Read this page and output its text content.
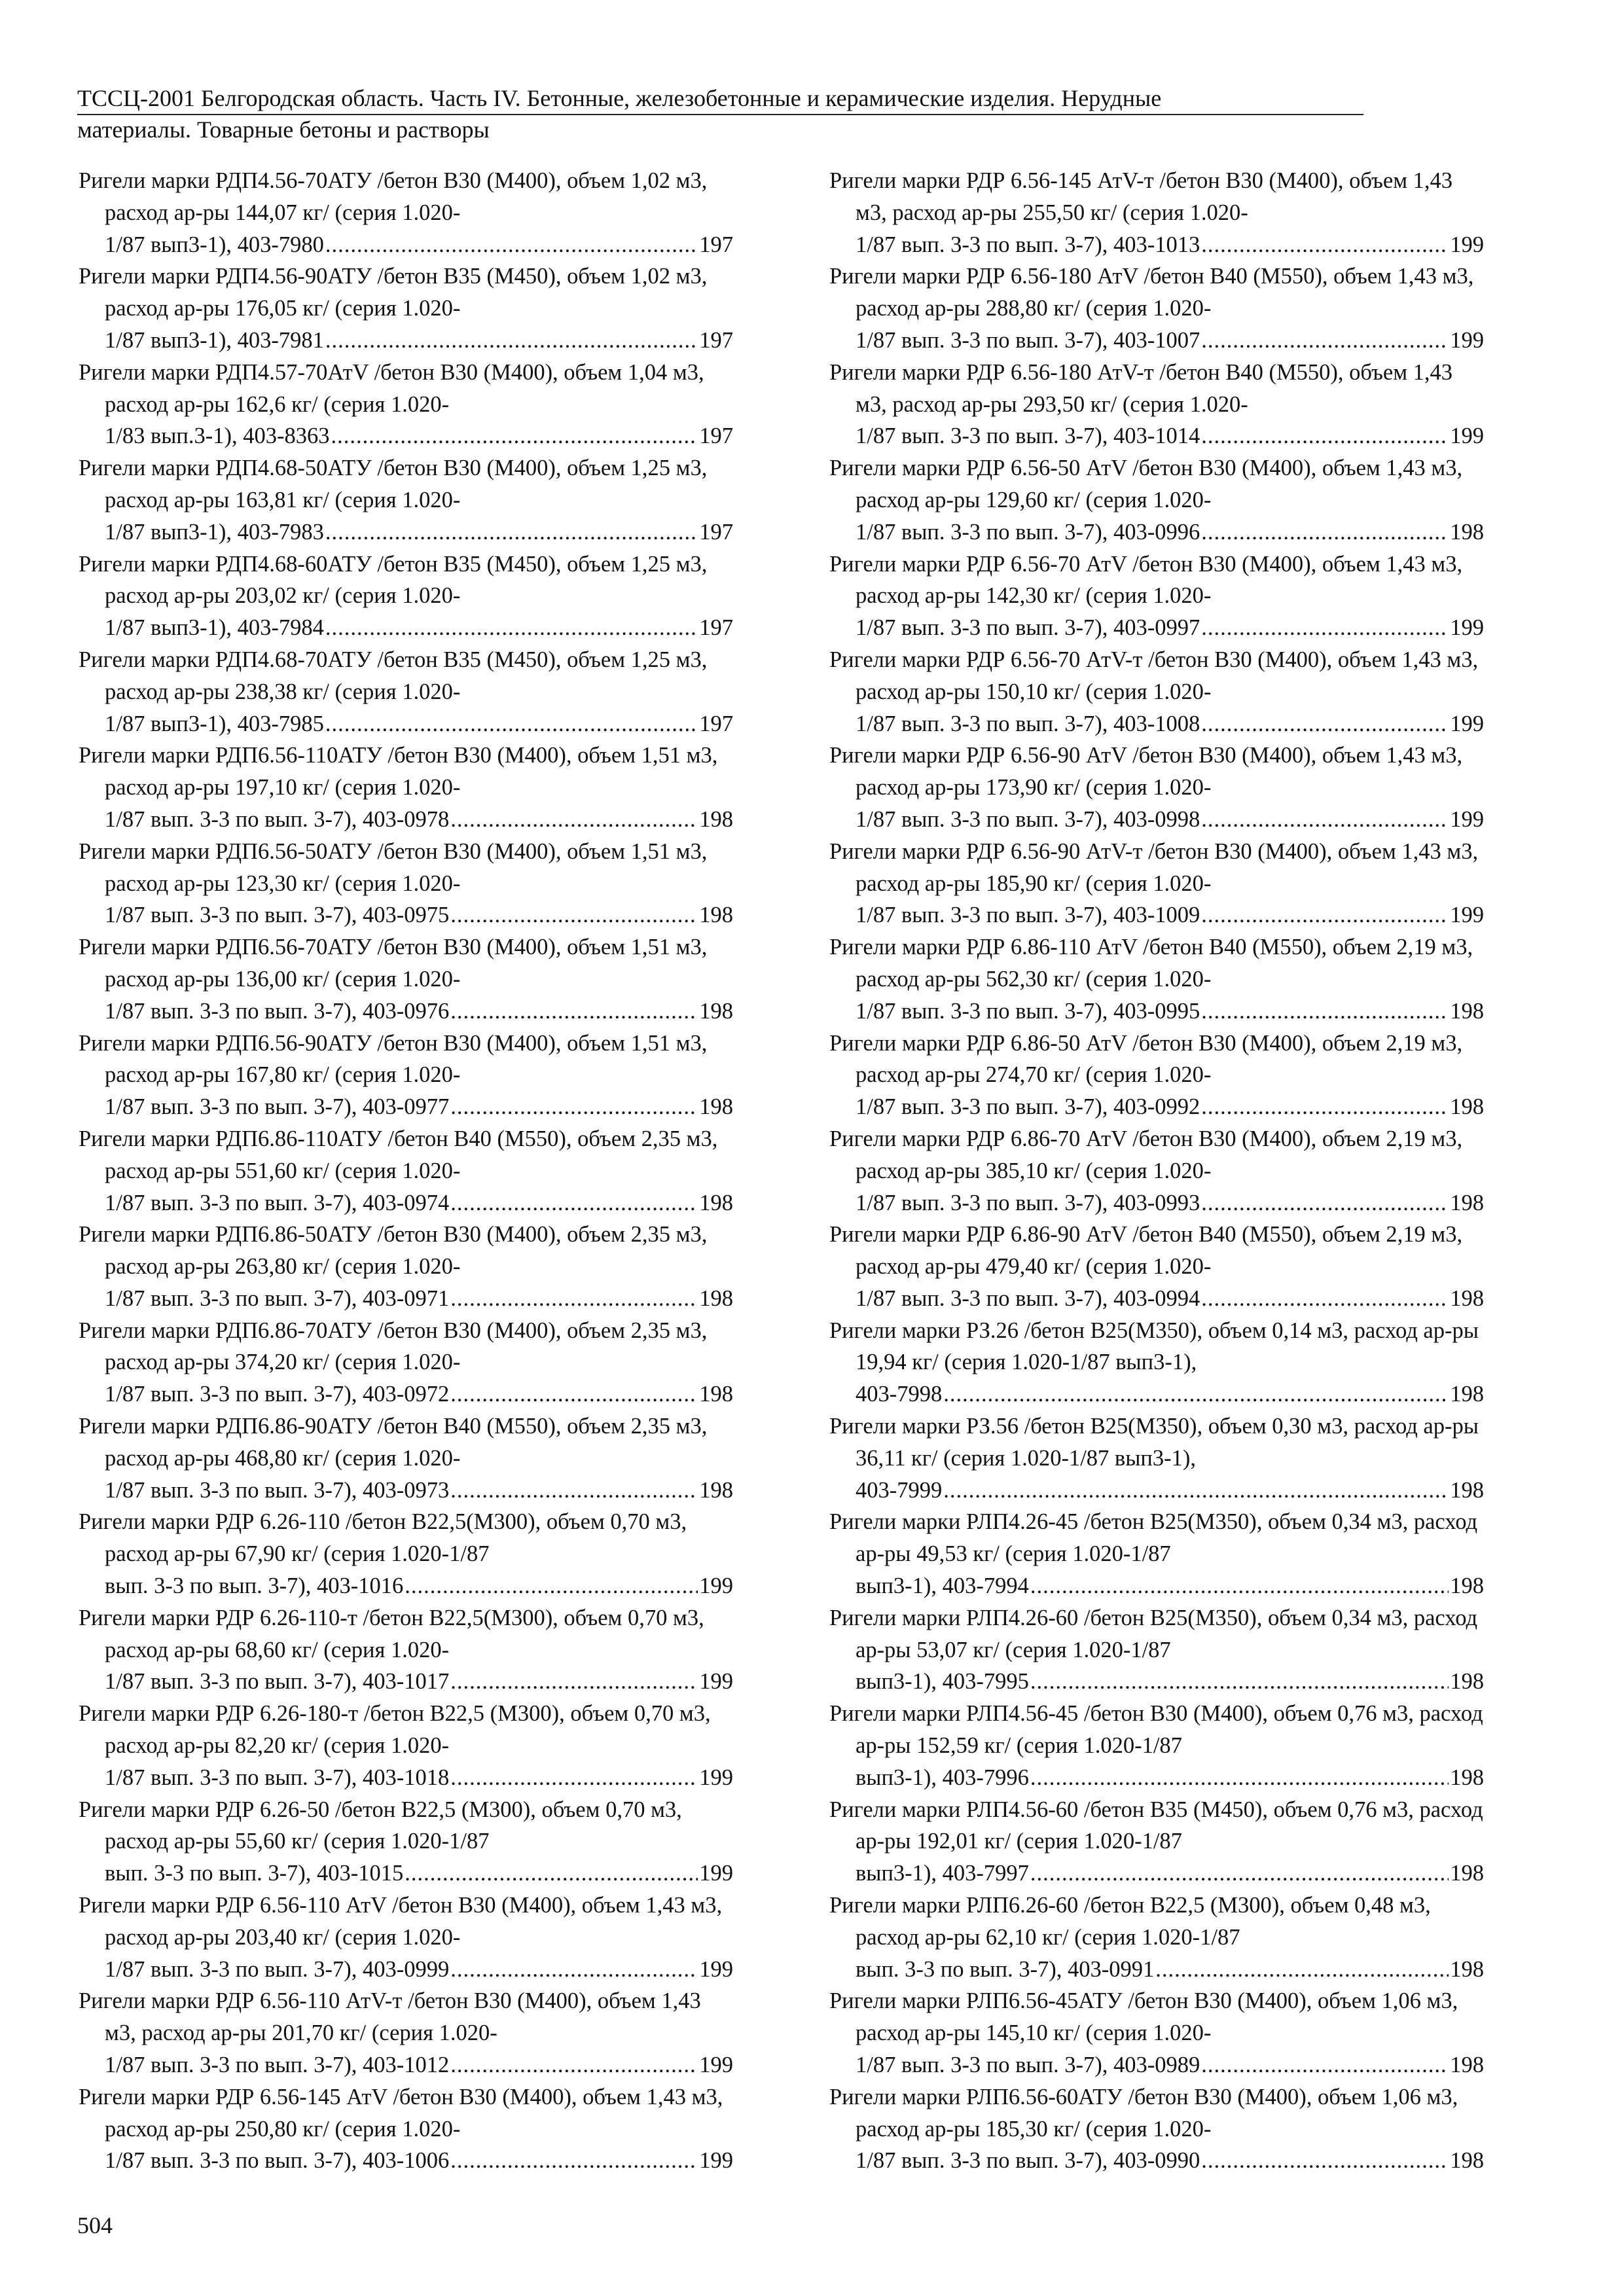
ТССЦ-2001 Белгородская область. Часть IV. Бетонные, железобетонные и керамические изделия. Нерудные
материалы. Товарные бетоны и растворы
Ригели марки РДП4.56-70АТУ /бетон В30 (М400), объем 1,02 м3, расход ар-ры 144,07 кг/ (серия 1.020-
1/87 вып3-1), 403-7980 .....	197
Ригели марки РДП4.56-90АТУ /бетон В35 (М450), объем 1,02 м3, расход ар-ры 176,05 кг/ (серия 1.020-
1/87 вып3-1), 403-7981 .....	197
Ригели марки РДП4.57-70АтV /бетон В30 (М400), объем 1,04 м3, расход ар-ры 162,6 кг/ (серия 1.020-
1/83 вып.3-1), 403-8363 .....	197
Ригели марки РДП4.68-50АТУ /бетон В30 (М400), объем 1,25 м3, расход ар-ры 163,81 кг/ (серия 1.020-
1/87 вып3-1), 403-7983 .....	197
Ригели марки РДП4.68-60АТУ /бетон В35 (М450), объем 1,25 м3, расход ар-ры 203,02 кг/ (серия 1.020-
1/87 вып3-1), 403-7984 .....	197
Ригели марки РДП4.68-70АТУ /бетон В35 (М450), объем 1,25 м3, расход ар-ры 238,38 кг/ (серия 1.020-
1/87 вып3-1), 403-7985 .....	197
Ригели марки РДП6.56-110АТУ /бетон В30 (М400), объем 1,51 м3, расход ар-ры 197,10 кг/ (серия 1.020-
1/87 вып. 3-3 по вып. 3-7), 403-0978 .....	198
Ригели марки РДП6.56-50АТУ /бетон В30 (М400), объем 1,51 м3, расход ар-ры 123,30 кг/ (серия 1.020-
1/87 вып. 3-3 по вып. 3-7), 403-0975 .....	198
Ригели марки РДП6.56-70АТУ /бетон В30 (М400), объем 1,51 м3, расход ар-ры 136,00 кг/ (серия 1.020-
1/87 вып. 3-3 по вып. 3-7), 403-0976 .....	198
Ригели марки РДП6.56-90АТУ /бетон В30 (М400), объем 1,51 м3, расход ар-ры 167,80 кг/ (серия 1.020-
1/87 вып. 3-3 по вып. 3-7), 403-0977 .....	198
Ригели марки РДП6.86-110АТУ /бетон В40 (М550), объем 2,35 м3, расход ар-ры 551,60 кг/ (серия 1.020-
1/87 вып. 3-3 по вып. 3-7), 403-0974 .....	198
Ригели марки РДП6.86-50АТУ /бетон В30 (М400), объем 2,35 м3, расход ар-ры 263,80 кг/ (серия 1.020-
1/87 вып. 3-3 по вып. 3-7), 403-0971 .....	198
Ригели марки РДП6.86-70АТУ /бетон В30 (М400), объем 2,35 м3, расход ар-ры 374,20 кг/ (серия 1.020-
1/87 вып. 3-3 по вып. 3-7), 403-0972 .....	198
Ригели марки РДП6.86-90АТУ /бетон В40 (М550), объем 2,35 м3, расход ар-ры 468,80 кг/ (серия 1.020-
1/87 вып. 3-3 по вып. 3-7), 403-0973 .....	198
Ригели марки РДР 6.26-110 /бетон В22,5(М300), объем 0,70 м3, расход ар-ры 67,90 кг/ (серия 1.020-1/87
вып. 3-3 по вып. 3-7), 403-1016 .....	199
Ригели марки РДР 6.26-110-т /бетон В22,5(М300), объем 0,70 м3, расход ар-ры 68,60 кг/ (серия 1.020-
1/87 вып. 3-3 по вып. 3-7), 403-1017 .....	199
Ригели марки РДР 6.26-180-т /бетон В22,5 (М300), объем 0,70 м3, расход ар-ры 82,20 кг/ (серия 1.020-
1/87 вып. 3-3 по вып. 3-7), 403-1018 .....	199
Ригели марки РДР 6.26-50 /бетон В22,5 (М300), объем 0,70 м3, расход ар-ры 55,60 кг/ (серия 1.020-1/87
вып. 3-3 по вып. 3-7), 403-1015 .....	199
Ригели марки РДР 6.56-110 АтV /бетон В30 (М400), объем 1,43 м3, расход ар-ры 203,40 кг/ (серия 1.020-
1/87 вып. 3-3 по вып. 3-7), 403-0999 .....	199
Ригели марки РДР 6.56-110 АтV-т /бетон В30 (М400), объем 1,43 м3, расход ар-ры 201,70 кг/ (серия 1.020-
1/87 вып. 3-3 по вып. 3-7), 403-1012 .....	199
Ригели марки РДР 6.56-145 АтV /бетон В30 (М400), объем 1,43 м3, расход ар-ры 250,80 кг/ (серия 1.020-
1/87 вып. 3-3 по вып. 3-7), 403-1006 .....	199
Ригели марки РДР 6.56-145 АтV-т /бетон В30 (М400), объем 1,43 м3, расход ар-ры 255,50 кг/ (серия 1.020-
1/87 вып. 3-3 по вып. 3-7), 403-1013 .....	199
Ригели марки РДР 6.56-180 АтV /бетон В40 (М550), объем 1,43 м3, расход ар-ры 288,80 кг/ (серия 1.020-
1/87 вып. 3-3 по вып. 3-7), 403-1007 .....	199
Ригели марки РДР 6.56-180 АтV-т /бетон В40 (М550), объем 1,43 м3, расход ар-ры 293,50 кг/ (серия 1.020-
1/87 вып. 3-3 по вып. 3-7), 403-1014 .....	199
Ригели марки РДР 6.56-50 АтV /бетон В30 (М400), объем 1,43 м3, расход ар-ры 129,60 кг/ (серия 1.020-
1/87 вып. 3-3 по вып. 3-7), 403-0996 .....	198
Ригели марки РДР 6.56-70 АтV /бетон В30 (М400), объем 1,43 м3, расход ар-ры 142,30 кг/ (серия 1.020-
1/87 вып. 3-3 по вып. 3-7), 403-0997 .....	199
Ригели марки РДР 6.56-70 АтV-т /бетон В30 (М400), объем 1,43 м3, расход ар-ры 150,10 кг/ (серия 1.020-
1/87 вып. 3-3 по вып. 3-7), 403-1008 .....	199
Ригели марки РДР 6.56-90 АтV /бетон В30 (М400), объем 1,43 м3, расход ар-ры 173,90 кг/ (серия 1.020-
1/87 вып. 3-3 по вып. 3-7), 403-0998 .....	199
Ригели марки РДР 6.56-90 АтV-т /бетон В30 (М400), объем 1,43 м3, расход ар-ры 185,90 кг/ (серия 1.020-
1/87 вып. 3-3 по вып. 3-7), 403-1009 .....	199
Ригели марки РДР 6.86-110 АтV /бетон В40 (М550), объем 2,19 м3, расход ар-ры 562,30 кг/ (серия 1.020-
1/87 вып. 3-3 по вып. 3-7), 403-0995 .....	198
Ригели марки РДР 6.86-50 АтV /бетон В30 (М400), объем 2,19 м3, расход ар-ры 274,70 кг/ (серия 1.020-
1/87 вып. 3-3 по вып. 3-7), 403-0992 .....	198
Ригели марки РДР 6.86-70 АтV /бетон В30 (М400), объем 2,19 м3, расход ар-ры 385,10 кг/ (серия 1.020-
1/87 вып. 3-3 по вып. 3-7), 403-0993 .....	198
Ригели марки РДР 6.86-90 АтV /бетон В40 (М550), объем 2,19 м3, расход ар-ры 479,40 кг/ (серия 1.020-
1/87 вып. 3-3 по вып. 3-7), 403-0994 .....	198
Ригели марки РЗ.26 /бетон В25(М350), объем 0,14 м3, расход ар-ры 19,94 кг/ (серия 1.020-1/87 вып3-1),
403-7998 .....	198
Ригели марки РЗ.56 /бетон В25(М350), объем 0,30 м3, расход ар-ры 36,11 кг/ (серия 1.020-1/87 вып3-1),
403-7999 .....	198
Ригели марки РЛП4.26-45 /бетон В25(М350), объем 0,34 м3, расход ар-ры 49,53 кг/ (серия 1.020-1/87
вып3-1), 403-7994 .....	198
Ригели марки РЛП4.26-60 /бетон В25(М350), объем 0,34 м3, расход ар-ры 53,07 кг/ (серия 1.020-1/87
вып3-1), 403-7995 .....	198
Ригели марки РЛП4.56-45 /бетон В30 (М400), объем 0,76 м3, расход ар-ры 152,59 кг/ (серия 1.020-1/87
вып3-1), 403-7996 .....	198
Ригели марки РЛП4.56-60 /бетон В35 (М450), объем 0,76 м3, расход ар-ры 192,01 кг/ (серия 1.020-1/87
вып3-1), 403-7997 .....	198
Ригели марки РЛП6.26-60 /бетон В22,5 (М300), объем 0,48 м3, расход ар-ры 62,10 кг/ (серия 1.020-1/87
вып. 3-3 по вып. 3-7), 403-0991 .....	198
Ригели марки РЛП6.56-45АТУ /бетон В30 (М400), объем 1,06 м3, расход ар-ры 145,10 кг/ (серия 1.020-
1/87 вып. 3-3 по вып. 3-7), 403-0989 .....	198
Ригели марки РЛП6.56-60АТУ /бетон В30 (М400), объем 1,06 м3, расход ар-ры 185,30 кг/ (серия 1.020-
1/87 вып. 3-3 по вып. 3-7), 403-0990 .....	198
504
